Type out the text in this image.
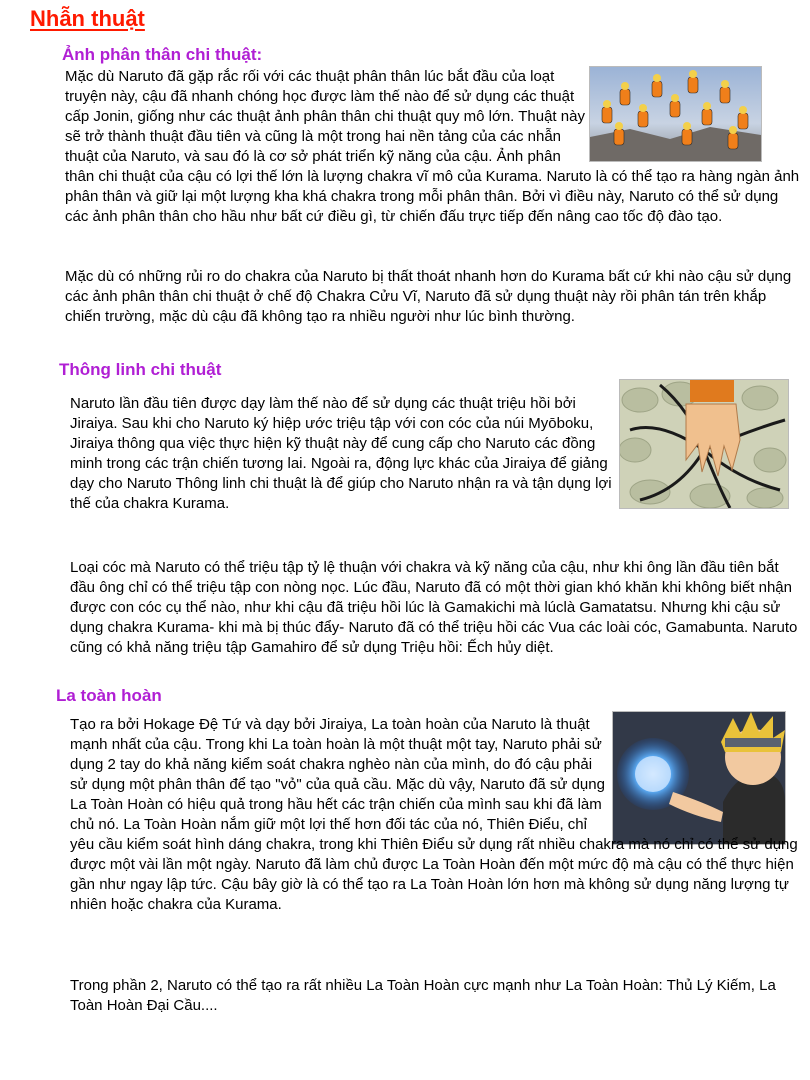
Nhẫn thuật
Ảnh phân thân chi thuật:

Mặc dù Naruto đã gặp rắc rối với các thuật phân thân lúc bắt đầu của loạt truyện này, cậu đã nhanh chóng học được làm thế nào để sử dụng các thuật cấp Jonin, giống như các thuật ảnh phân thân chi thuật quy mô lớn. Thuật này sẽ trở thành thuật đầu tiên và cũng là một trong hai nền tảng của các nhẫn thuật của Naruto, và sau đó là cơ sở phát triển kỹ năng của cậu. Ảnh phân thân chi thuật của cậu có lợi thế lớn là lượng chakra vĩ mô của Kurama. Naruto là có thể tạo ra hàng ngàn ảnh phân thân và giữ lại một lượng kha khá chakra trong mỗi phân thân. Bởi vì điều này, Naruto có thể sử dụng các ảnh phân thân cho hầu như bất cứ điều gì, từ chiến đấu trực tiếp đến nâng cao tốc độ đào tạo.

Mặc dù có những rủi ro do chakra của Naruto bị thất thoát nhanh hơn do Kurama bất cứ khi nào cậu sử dụng các ảnh phân thân chi thuật ở chế độ Chakra Cửu Vĩ, Naruto đã sử dụng thuật này rồi phân tán trên khắp chiến trường, mặc dù cậu đã không tạo ra nhiều người như lúc bình thường.

Thông linh chi thuật

Naruto lần đầu tiên được dạy làm thế nào để sử dụng các thuật triệu hồi bởi Jiraiya. Sau khi cho Naruto ký hiệp ước triệu tập với con cóc của núi Myōboku, Jiraiya thông qua việc thực hiện kỹ thuật này để cung cấp cho Naruto các đồng minh trong các trận chiến tương lai. Ngoài ra, động lực khác của Jiraiya để giảng dạy cho Naruto Thông linh chi thuật là để giúp cho Naruto nhận ra và tận dụng lợi thế của chakra Kurama.

Loại cóc mà Naruto có thể triệu tập tỷ lệ thuận với chakra và kỹ năng của cậu, như khi ông lần đầu tiên bắt đầu ông chỉ có thể triệu tập con nòng nọc. Lúc đầu, Naruto đã có một thời gian khó khăn khi không biết nhận được con cóc cụ thể nào, như khi cậu đã triệu hồi lúc là Gamakichi mà lúclà Gamatatsu. Nhưng khi cậu sử dụng chakra Kurama- khi mà bị thúc đẩy- Naruto đã có thể triệu hồi các Vua các loài cóc, Gamabunta. Naruto cũng có khả năng triệu tập Gamahiro để sử dụng Triệu hồi: Ếch hủy diệt.

La toàn hoàn

Tạo ra bởi Hokage Đệ Tứ và dạy bởi Jiraiya, La toàn hoàn của Naruto là thuật mạnh nhất của cậu. Trong khi La toàn hoàn là một thuật một tay, Naruto phải sử dụng 2 tay do khả năng kiểm soát chakra nghèo nàn của mình, do đó cậu phải sử dụng một phân thân để tạo "vỏ" của quả cầu. Mặc dù vậy, Naruto đã sử dụng La Toàn Hoàn có hiệu quả trong hầu hết các trận chiến của mình sau khi đã làm chủ nó. La Toàn Hoàn nắm giữ một lợi thế hơn đối tác của nó, Thiên Điểu, chỉ yêu cầu kiểm soát hình dáng chakra, trong khi Thiên Điểu sử dụng rất nhiều chakra mà nó chỉ có thể sử dụng được một vài lần một ngày. Naruto đã làm chủ được La Toàn Hoàn đến một mức độ mà cậu có thể thực hiện gần như ngay lập tức. Cậu bây giờ là có thể tạo ra La Toàn Hoàn lớn hơn mà không sử dụng năng lượng tự nhiên hoặc chakra của Kurama.

Trong phần 2, Naruto có thể tạo ra rất nhiều La Toàn Hoàn cực mạnh như La Toàn Hoàn: Thủ Lý Kiếm, La Toàn Hoàn Đại Cầu....
